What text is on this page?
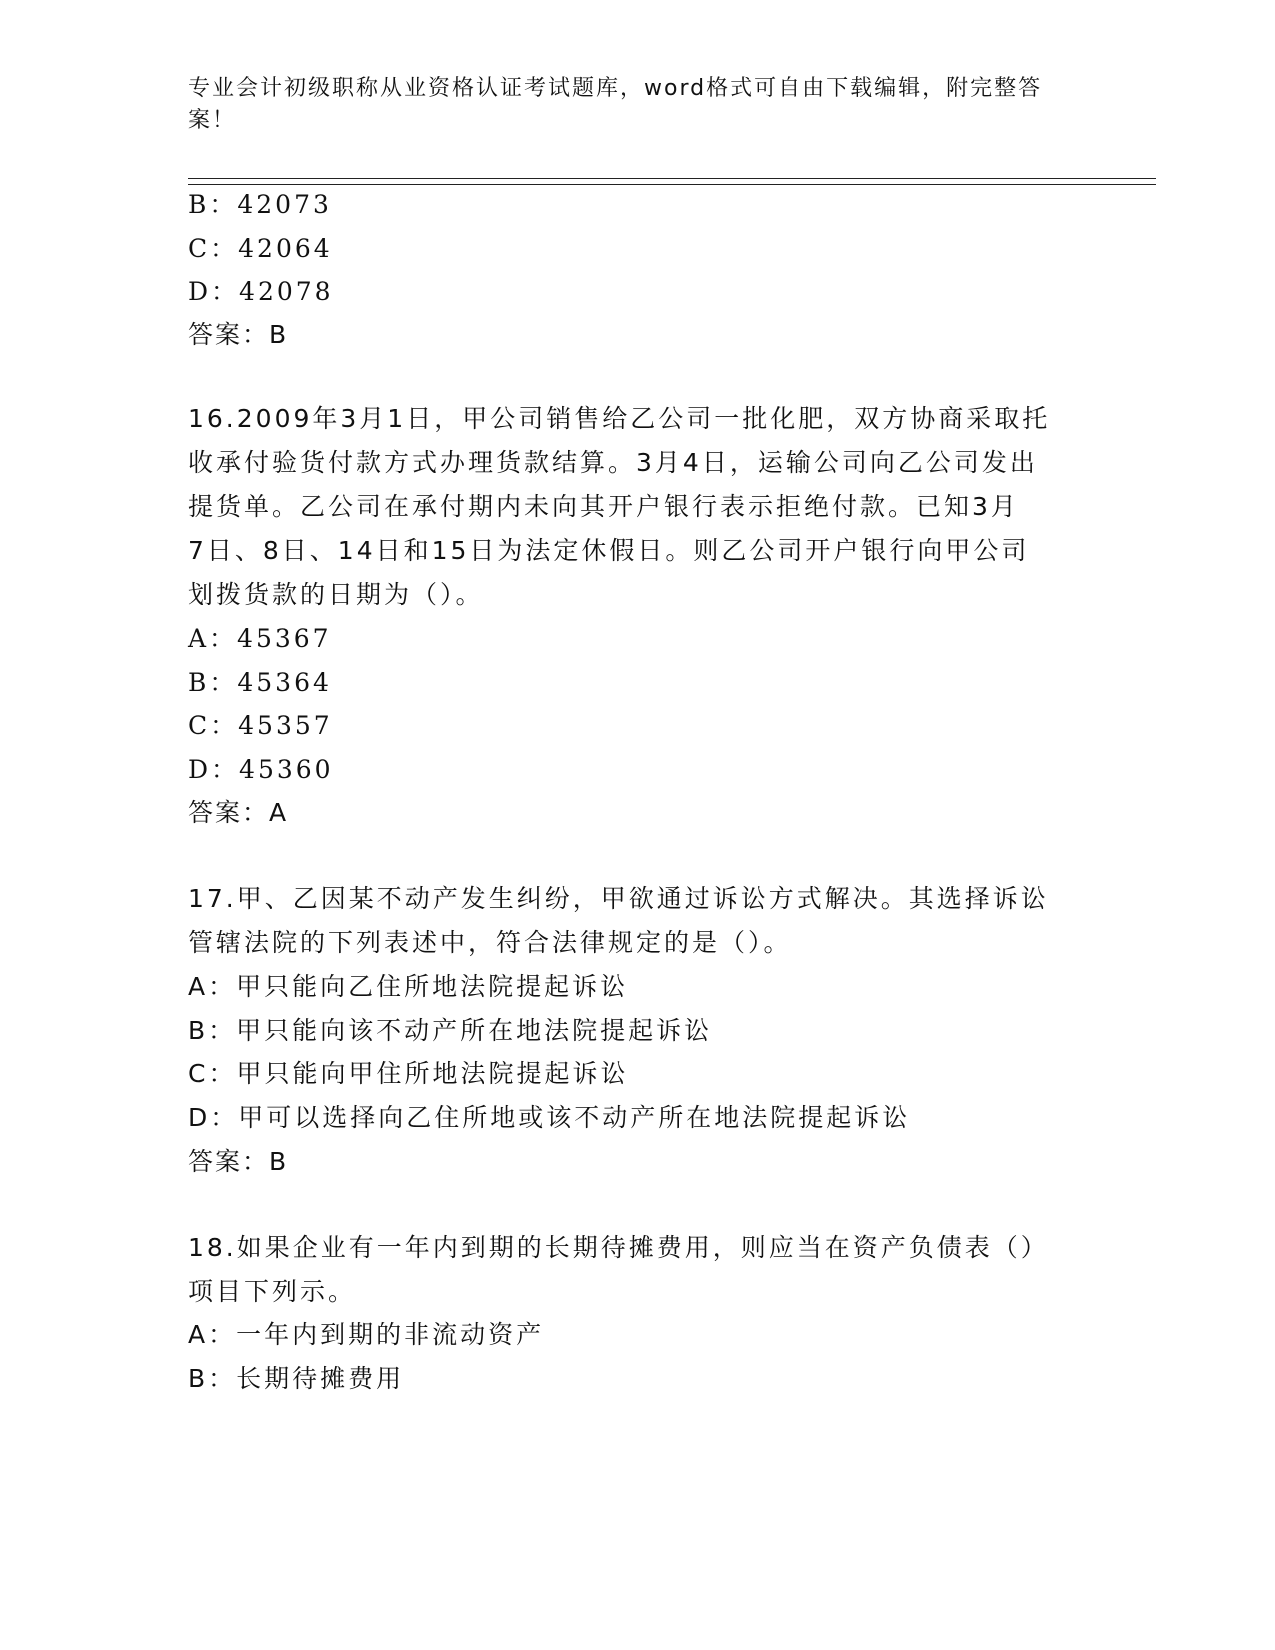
专业会计初级职称从业资格认证考试题库，word格式可自由下载编辑，附完整答案！

B：42073

C：42064

D：42078

答案：B

16.2009年3月1日，甲公司销售给乙公司一批化肥，双方协商采取托

收承付验货付款方式办理货款结算。3月4日，运输公司向乙公司发出

提货单。乙公司在承付期内未向其开户银行表示拒绝付款。已知3月

7日、8日、14日和15日为法定休假日。则乙公司开户银行向甲公司

划拨货款的日期为（）。

A：45367

B：45364

C：45357

D：45360

答案：A

17.甲、乙因某不动产发生纠纷，甲欲通过诉讼方式解决。其选择诉讼

管辖法院的下列表述中，符合法律规定的是（）。

A：甲只能向乙住所地法院提起诉讼

B：甲只能向该不动产所在地法院提起诉讼

C：甲只能向甲住所地法院提起诉讼

D：甲可以选择向乙住所地或该不动产所在地法院提起诉讼

答案：B

18.如果企业有一年内到期的长期待摊费用，则应当在资产负债表（）

项目下列示。

A：一年内到期的非流动资产

B：长期待摊费用
